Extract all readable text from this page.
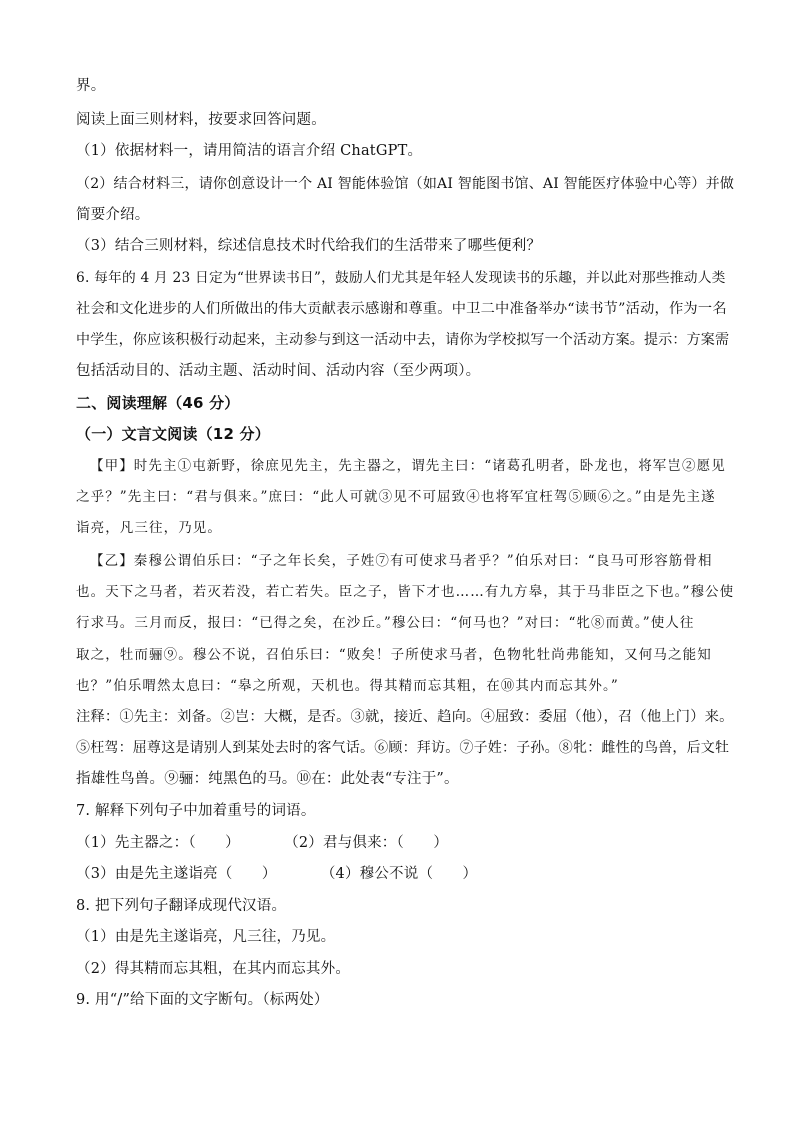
界。
阅读上面三则材料，按要求回答问题。
（1）依据材料一，请用简洁的语言介绍 ChatGPT。
（2）结合材料三，请你创意设计一个 AI 智能体验馆（如AI 智能图书馆、AI 智能医疗体验中心等）并做
简要介绍。
（3）结合三则材料，综述信息技术时代给我们的生活带来了哪些便利？
6. 每年的 4 月 23 日定为“世界读书日”，鼓励人们尤其是年轻人发现读书的乐趣，并以此对那些推动人类
社会和文化进步的人们所做出的伟大贡献表示感谢和尊重。中卫二中准备举办“读书节”活动，作为一名
中学生，你应该积极行动起来，主动参与到这一活动中去，请你为学校拟写一个活动方案。提示：方案需
包括活动目的、活动主题、活动时间、活动内容（至少两项）。
二、阅读理解（46 分）
（一）文言文阅读（12 分）
【甲】时先主①屯新野，徐庶见先主，先主器之，谓先主曰：“诸葛孔明者，卧龙也，将军岂②愿见
之乎？”先主曰：“君与俱来。”庶曰：“此人可就③见不可屈致④也将军宜枉驾⑤顾⑥之。”由是先主遂
诣亮，凡三往，乃见。
【乙】秦穆公谓伯乐曰：“子之年长矣，子姓⑦有可使求马者乎？”伯乐对曰：“良马可形容筋骨相
也。天下之马者，若灭若没，若亡若失。臣之子，皆下才也……有九方皋，其于马非臣之下也。”穆公使
行求马。三月而反，报曰：“已得之矣，在沙丘。”穆公曰：“何马也？”对曰：“牝⑧而黄。”使人往
取之，牡而骊⑨。穆公不说，召伯乐曰：“败矣！子所使求马者，色物牝牡尚弗能知，又何马之能知
也？”伯乐喟然太息曰：“皋之所观，天机也。得其精而忘其粗，在⑩其内而忘其外。”
注释：①先主：刘备。②岂：大概，是否。③就，接近、趋向。④屈致：委屈（他），召（他上门）来。
⑤枉驾：屈尊这是请别人到某处去时的客气话。⑥顾：拜访。⑦子姓：子孙。⑧牝：雌性的鸟兽，后文牡
指雄性鸟兽。⑨骊：纯黑色的马。⑩在：此处表“专注于”。
7. 解释下列句子中加着重号的词语。
（1）先主器之：（　　）　　　　（2）君与俱来：（　　）
（3）由是先主遂诣亮（　　）　　　　（4）穆公不说（　　）
8. 把下列句子翻译成现代汉语。
（1）由是先主遂诣亮，凡三往，乃见。
（2）得其精而忘其粗，在其内而忘其外。
9. 用“/”给下面的文字断句。（标两处）
